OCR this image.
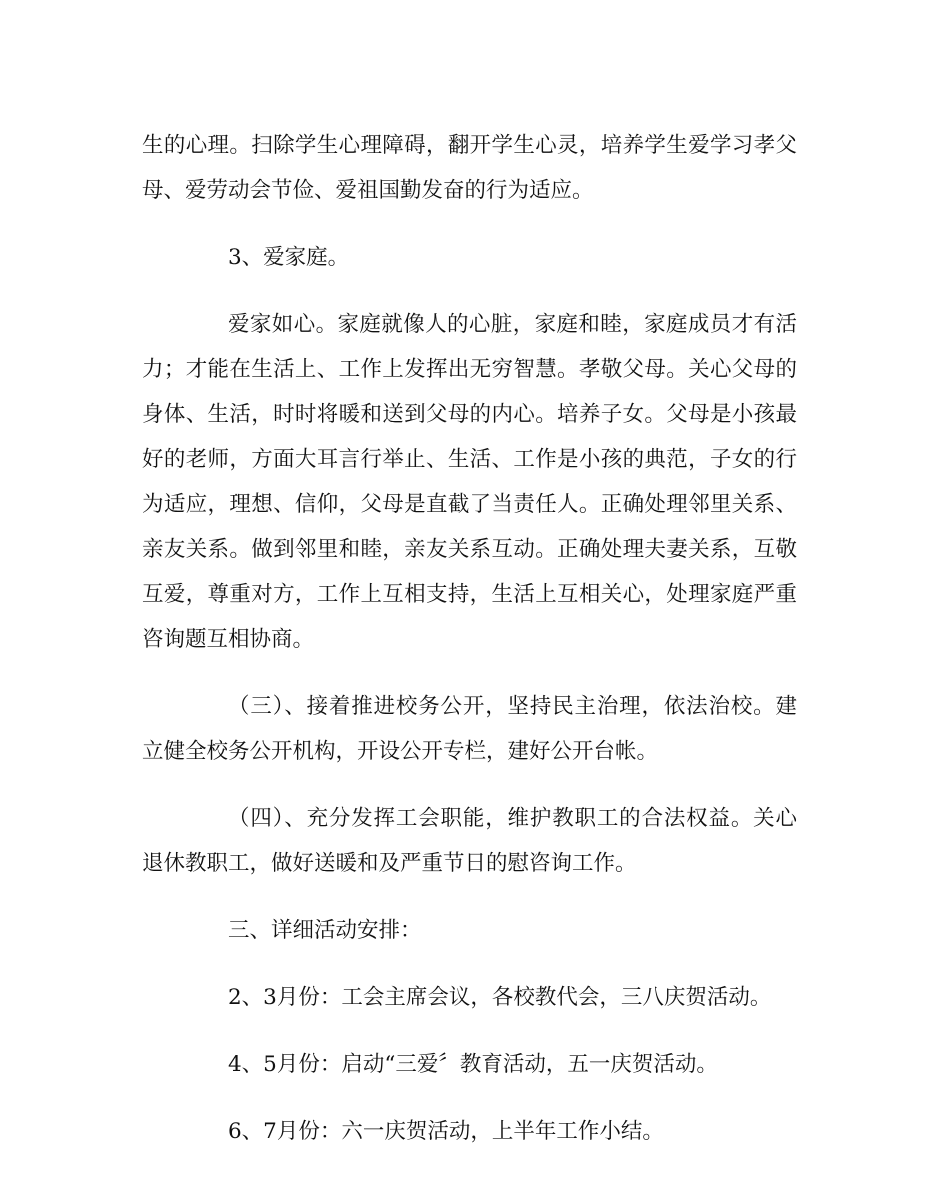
生的心理。扫除学生心理障碍，翻开学生心灵，培养学生爱学习孝父母、爱劳动会节俭、爱祖国勤发奋的行为适应。

3、爱家庭。

爱家如心。家庭就像人的心脏，家庭和睦，家庭成员才有活力；才能在生活上、工作上发挥出无穷智慧。孝敬父母。关心父母的身体、生活，时时将暖和送到父母的内心。培养子女。父母是小孩最好的老师，方面大耳言行举止、生活、工作是小孩的典范，子女的行为适应，理想、信仰，父母是直截了当责任人。正确处理邻里关系、亲友关系。做到邻里和睦，亲友关系互动。正确处理夫妻关系，互敬互爱，尊重对方，工作上互相支持，生活上互相关心，处理家庭严重咨询题互相协商。

（三）、接着推进校务公开，坚持民主治理，依法治校。建立健全校务公开机构，开设公开专栏，建好公开台帐。

（四）、充分发挥工会职能，维护教职工的合法权益。关心退休教职工，做好送暖和及严重节日的慰咨询工作。

三、详细活动安排：

2、3月份：工会主席会议，各校教代会，三八庆贺活动。

4、5月份：启动“三爱〞教育活动，五一庆贺活动。

6、7月份：六一庆贺活动，上半年工作小结。
